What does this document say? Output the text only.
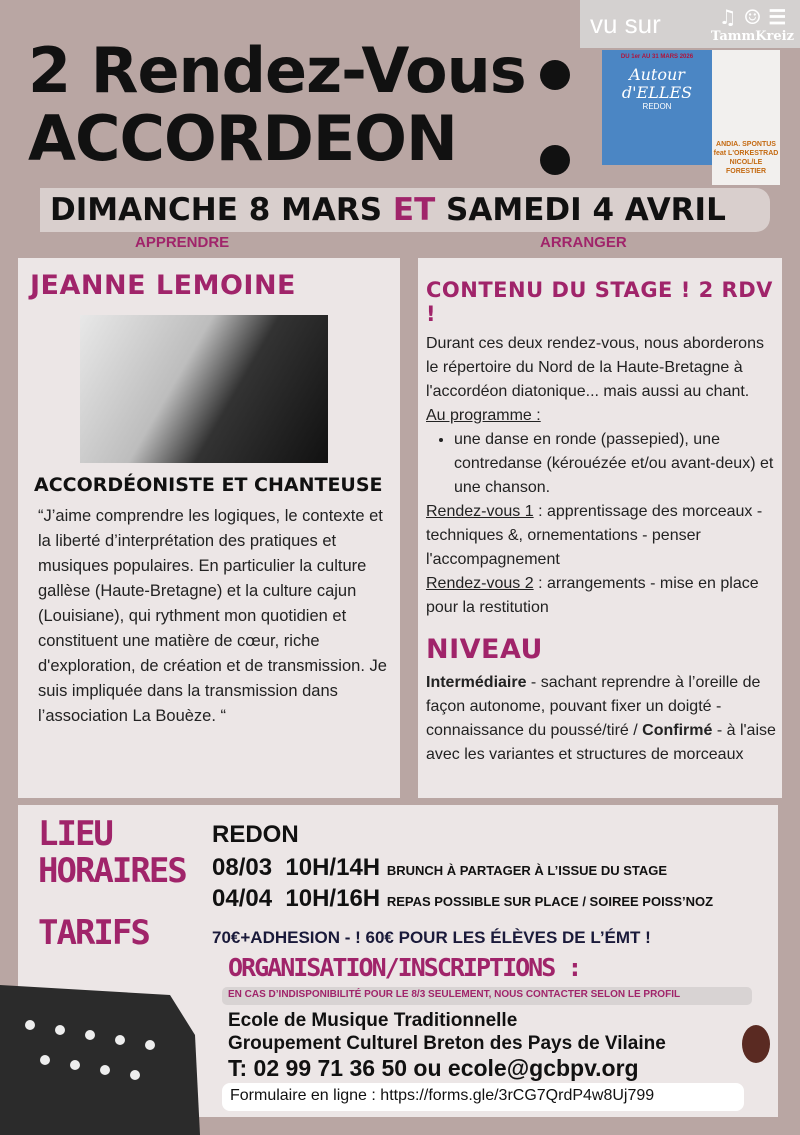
2 Rendez-Vous
ACCORDEON
vu sur	♫ ☺ ☰
TammKreiz
DU 1er AU 31 MARS 2026
Autour d'ELLES
REDON
ANDIA. SPONTUS feat L'ORKESTRAD NICOL/LE FORESTIER
DIMANCHE 8 MARS ET SAMEDI 4 AVRIL
APPRENDRE	ARRANGER
JEANNE LEMOINE
ACCORDÉONISTE ET CHANTEUSE
“J’aime comprendre les logiques, le contexte et la liberté d’interprétation des pratiques et musiques populaires. En particulier la culture gallèse (Haute-Bretagne) et la culture cajun (Louisiane), qui rythment mon quotidien et constituent une matière de cœur, riche d'exploration, de création et de transmission. Je suis impliquée dans la transmission dans l’association La Bouèze. “
CONTENU DU STAGE ! 2 RDV !
Durant ces deux rendez-vous, nous aborderons le répertoire du Nord de la Haute-Bretagne à l'accordéon diatonique... mais aussi au chant.
Au programme :
• une danse en ronde (passepied), une contredanse (kérouézée et/ou avant-deux) et une chanson.
Rendez-vous 1 : apprentissage des morceaux - techniques &, ornementations - penser l'accompagnement
Rendez-vous 2 : arrangements - mise en place pour la restitution
NIVEAU
Intermédiaire - sachant reprendre à l’oreille de façon autonome, pouvant fixer un doigté - connaissance du poussé/tiré / Confirmé - à l'aise avec les variantes et structures de morceaux
LIEU
HORAIRES
TARIFS
REDON
08/03 10H/14H BRUNCH À PARTAGER À L’ISSUE DU STAGE
04/04 10H/16H REPAS POSSIBLE SUR PLACE / SOIREE POISS’NOZ
70€+ADHESION - ! 60€ POUR LES ÉLÈVES DE L’ÉMT !
ORGANISATION/INSCRIPTIONS :
EN CAS D’INDISPONIBILITÉ POUR LE 8/3 SEULEMENT, NOUS CONTACTER SELON LE PROFIL
Ecole de Musique Traditionnelle
Groupement Culturel Breton des Pays de Vilaine
T: 02 99 71 36 50 ou ecole@gcbpv.org
Formulaire en ligne : https://forms.gle/3rCG7QrdP4w8Uj799
